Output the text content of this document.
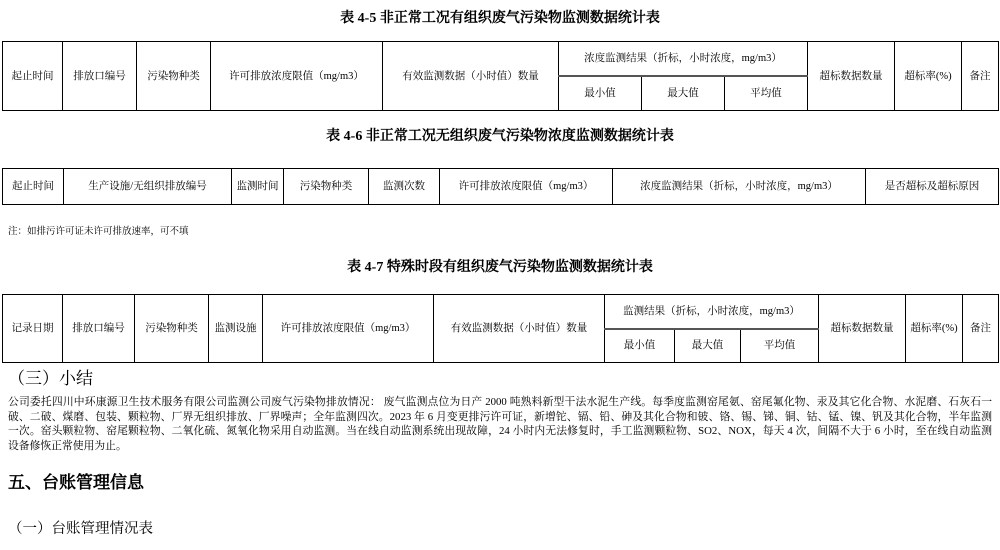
表 4-5 非正常工况有组织废气污染物监测数据统计表
起止时间	排放口编号	污染物种类	许可排放浓度限值（mg/m3）	有效监测数据（小时值）数量	浓度监测结果（折标，小时浓度，mg/m3）			超标数据数量	超标率(%)	备注
					最小值	最大值	平均值			
表 4-6 非正常工况无组织废气污染物浓度监测数据统计表
起止时间	生产设施/无组织排放编号	监测时间	污染物种类	监测次数	许可排放浓度限值（mg/m3）	浓度监测结果（折标，小时浓度，mg/m3）	是否超标及超标原因
注：如排污许可证未许可排放速率，可不填
表 4-7 特殊时段有组织废气污染物监测数据统计表
记录日期	排放口编号	污染物种类	监测设施	许可排放浓度限值（mg/m3）	有效监测数据（小时值）数量	监测结果（折标，小时浓度，mg/m3）			超标数据数量	超标率(%)	备注
						最小值	最大值	平均值			
（三）小结
公司委托四川中环康源卫生技术服务有限公司监测公司废气污染物排放情况： 废气监测点位为日产 2000 吨熟料新型干法水泥生产线。每季度监测窑尾氨、窑尾氟化物、汞及其它化合物、水泥磨、石灰石一破、二破、煤磨、包装、颗粒物、厂界无组织排放、厂界噪声；全年监测四次。2023 年 6 月变更排污许可证，新增铊、镉、铅、砷及其化合物和铍、铬、锡、锑、铜、钴、锰、镍、钒及其化合物，半年监测一次。窑头颗粒物、窑尾颗粒物、二氧化硫、氮氧化物采用自动监测。当在线自动监测系统出现故障，24 小时内无法修复时，手工监测颗粒物、SO2、NOX，每天 4 次，间隔不大于 6 小时，至在线自动监测设备修恢正常使用为止。
五、台账管理信息
（一）台账管理情况表
